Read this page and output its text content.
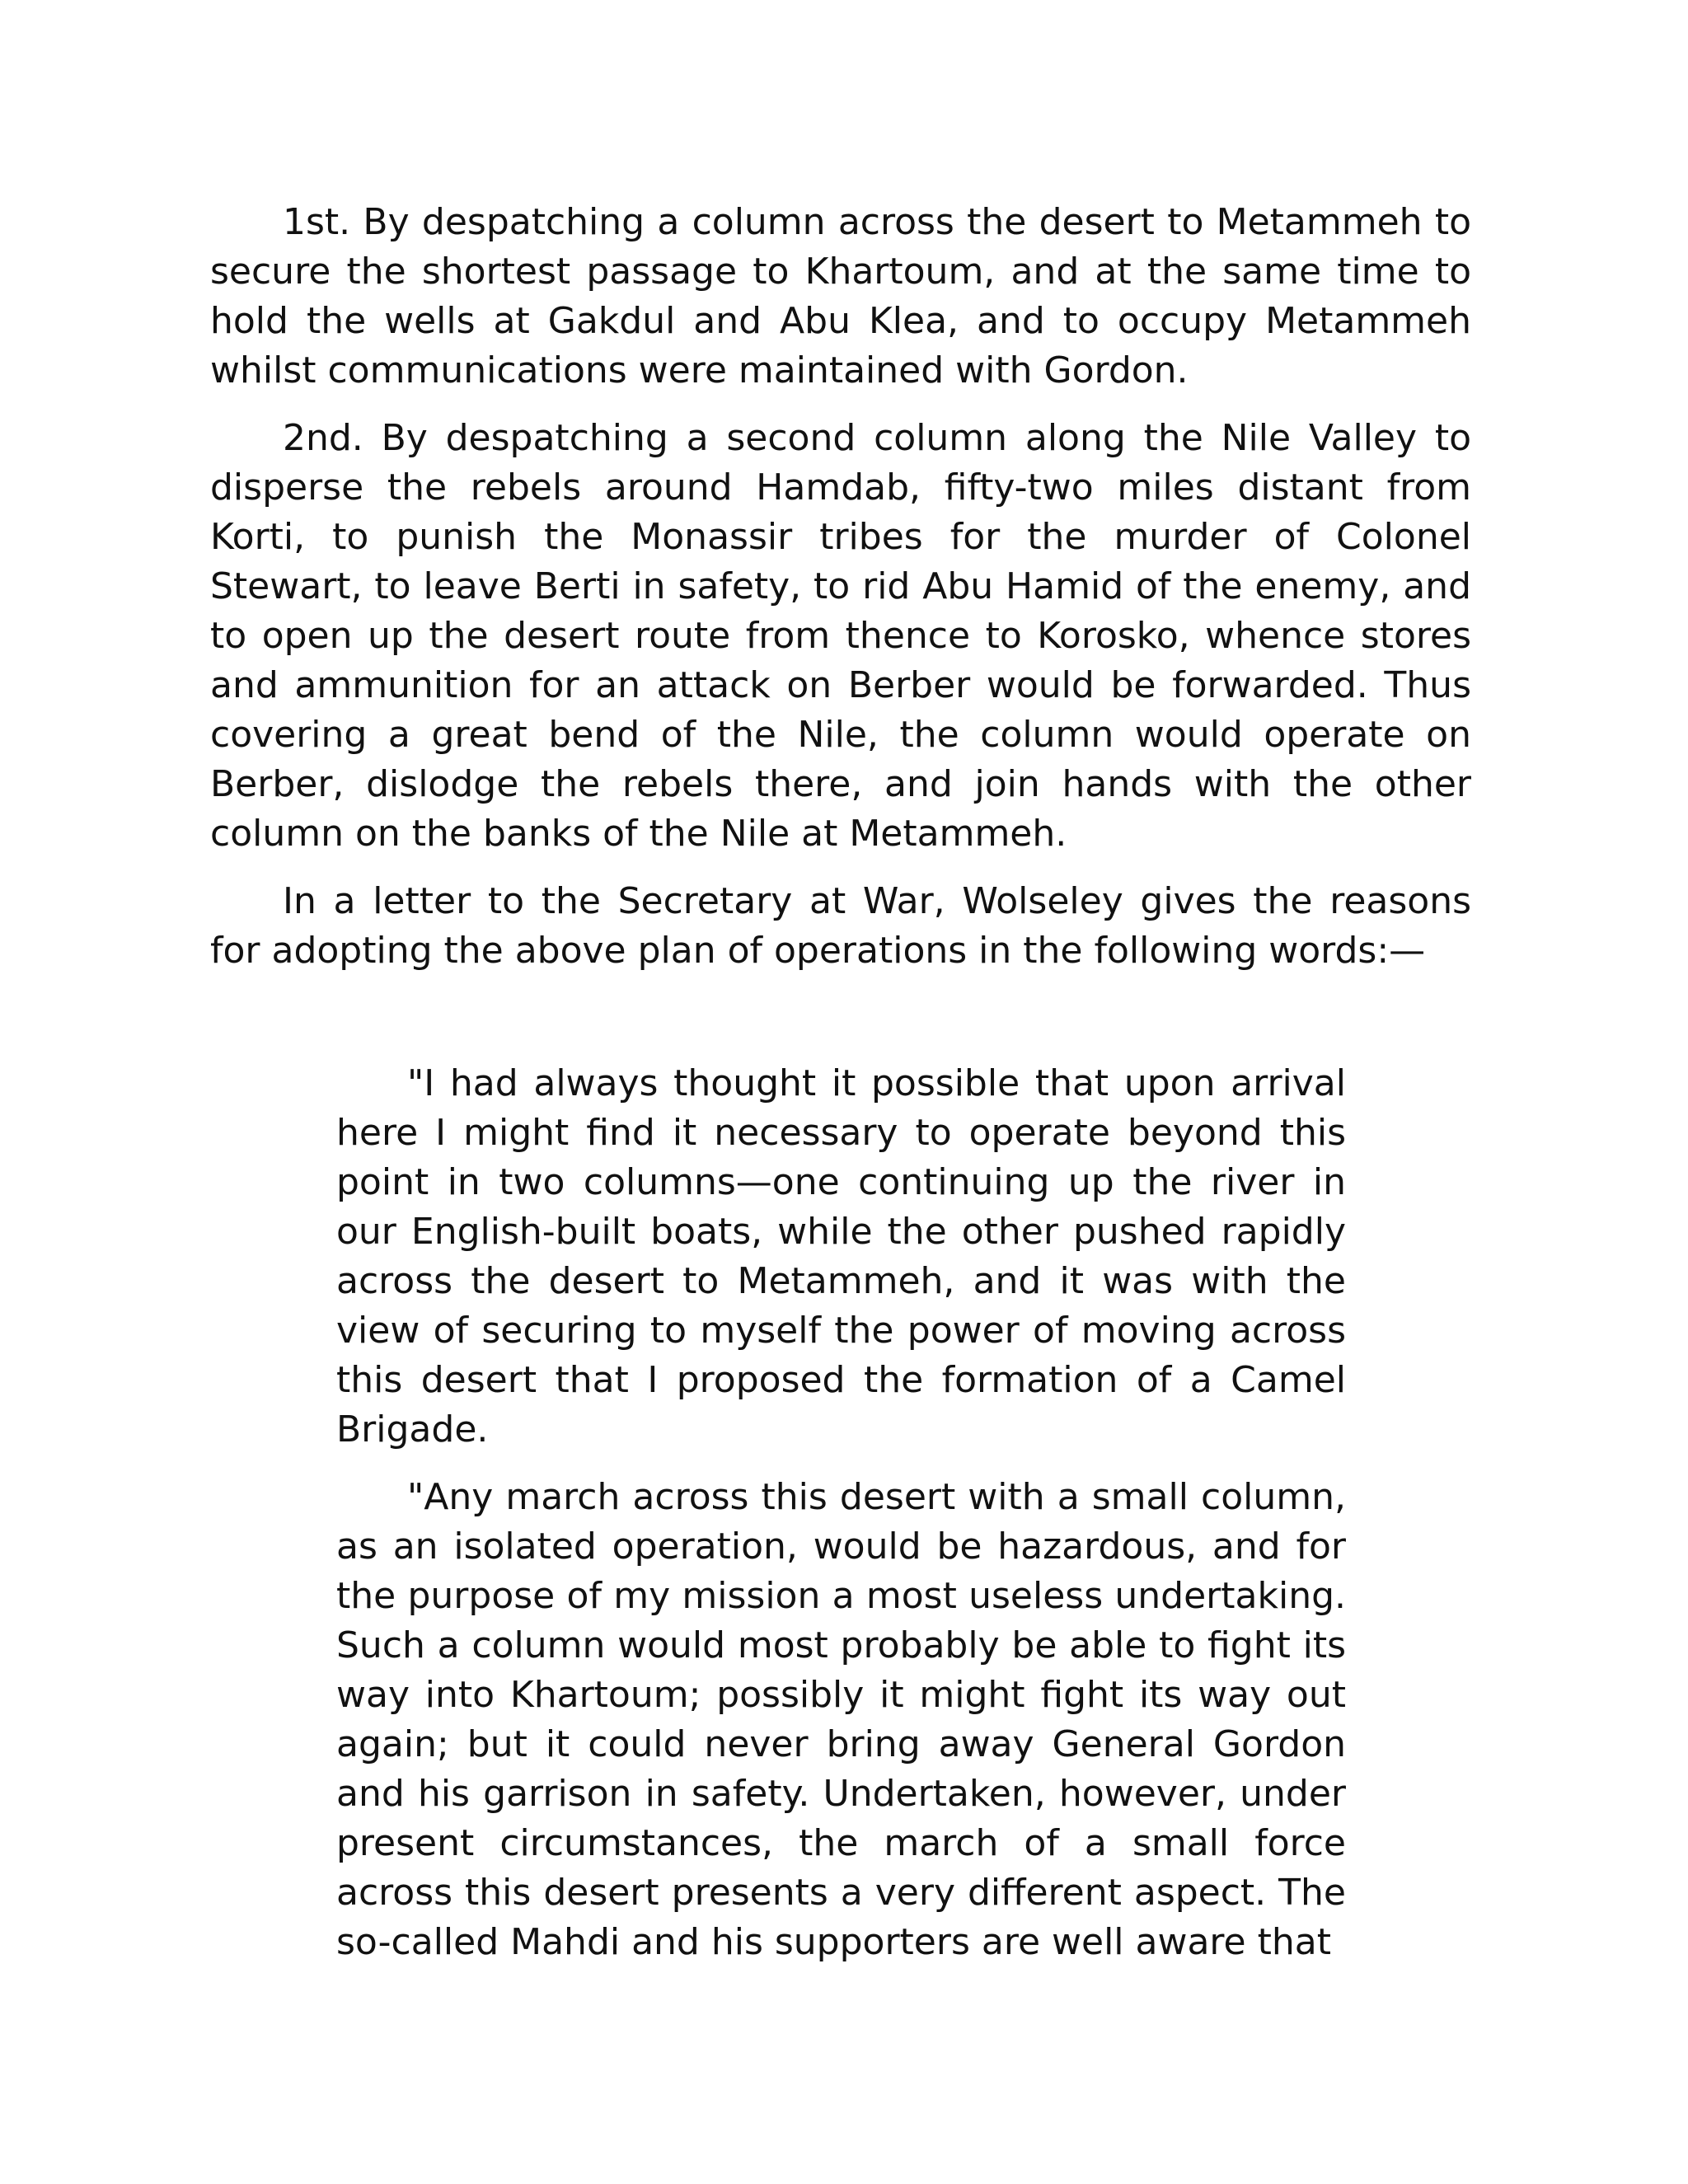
1st. By despatching a column across the desert to Metammeh to secure the shortest passage to Khartoum, and at the same time to hold the wells at Gakdul and Abu Klea, and to occupy Metammeh whilst communications were maintained with Gordon.

2nd. By despatching a second column along the Nile Valley to disperse the rebels around Hamdab, fifty-two miles distant from Korti, to punish the Monassir tribes for the murder of Colonel Stewart, to leave Berti in safety, to rid Abu Hamid of the enemy, and to open up the desert route from thence to Korosko, whence stores and ammunition for an attack on Berber would be forwarded. Thus covering a great bend of the Nile, the column would operate on Berber, dislodge the rebels there, and join hands with the other column on the banks of the Nile at Metammeh.

In a letter to the Secretary at War, Wolseley gives the reasons for adopting the above plan of operations in the following words:—

"I had always thought it possible that upon arrival here I might find it necessary to operate beyond this point in two columns—one continuing up the river in our English-built boats, while the other pushed rapidly across the desert to Metammeh, and it was with the view of securing to myself the power of moving across this desert that I proposed the formation of a Camel Brigade.

"Any march across this desert with a small column, as an isolated operation, would be hazardous, and for the purpose of my mission a most useless undertaking. Such a column would most probably be able to fight its way into Khartoum; possibly it might fight its way out again; but it could never bring away General Gordon and his garrison in safety. Undertaken, however, under present circumstances, the march of a small force across this desert presents a very different aspect. The so-called Mahdi and his supporters are well aware that
